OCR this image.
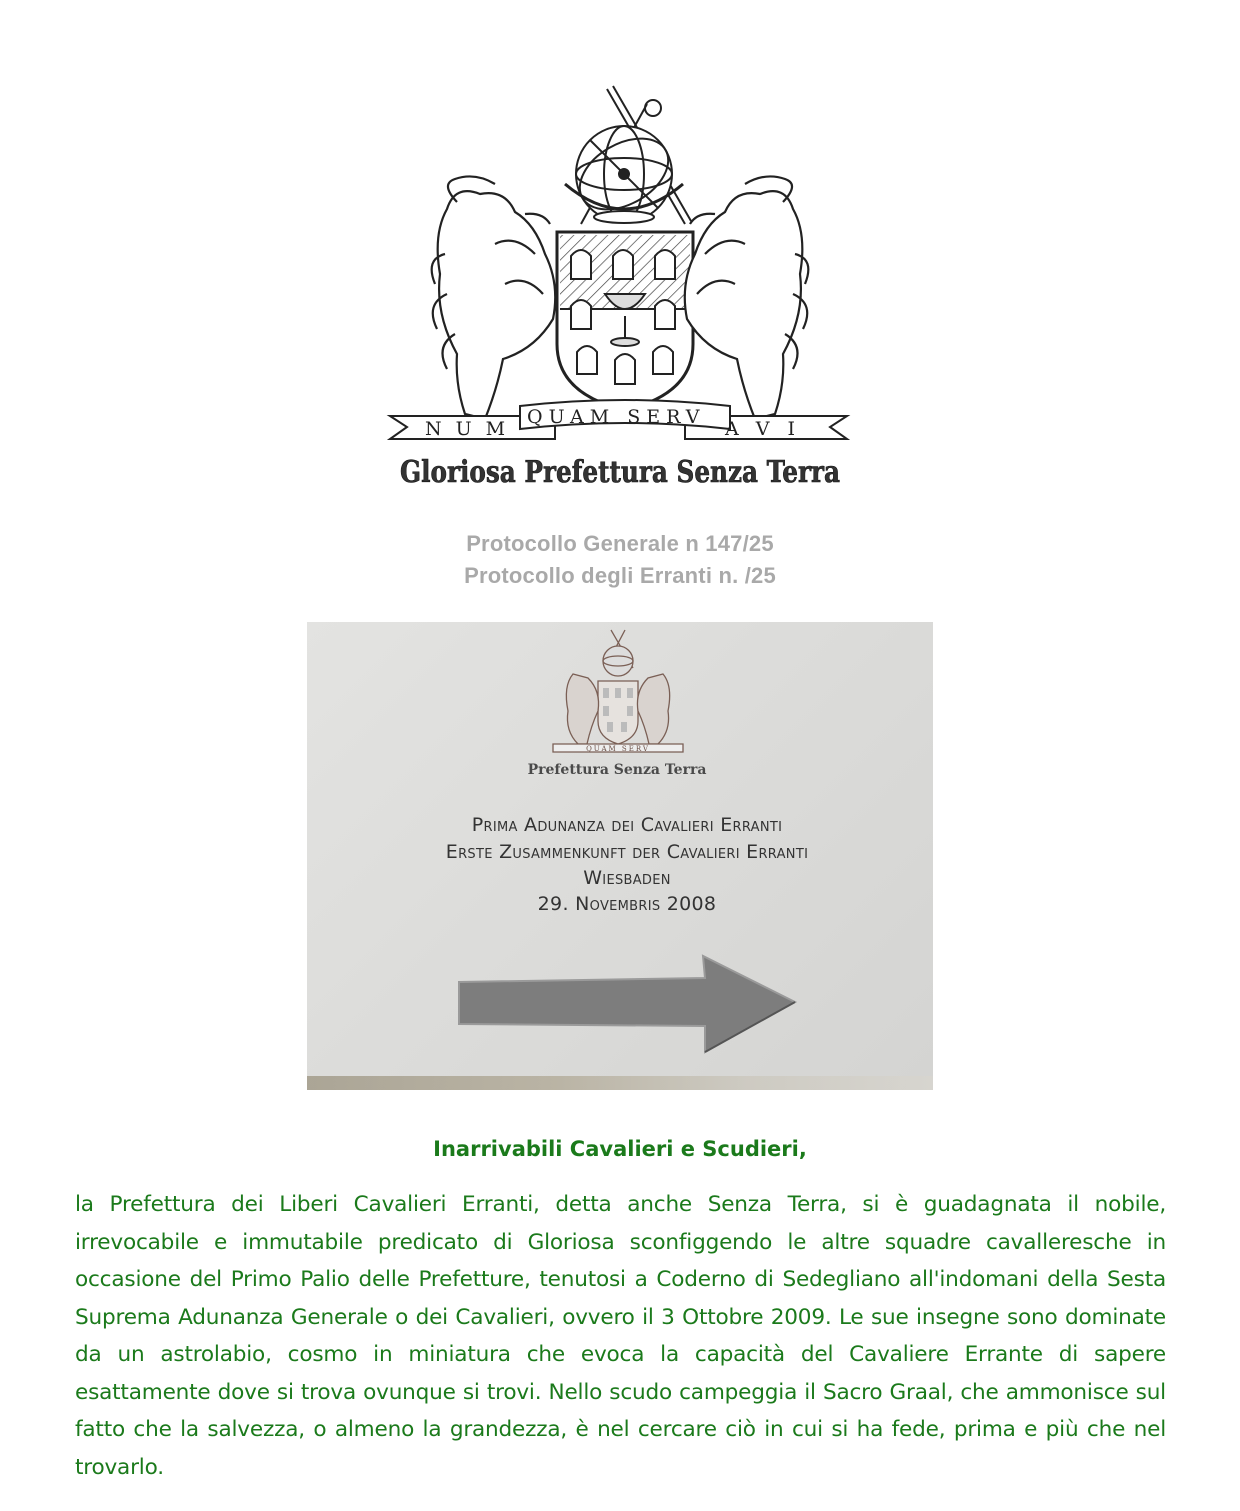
NUM
QUAM SERV
AVI
Gloriosa Prefettura Senza Terra
Protocollo Generale n 147/25
Protocollo degli Erranti n. /25
QUAM SERV
Prefettura Senza Terra
Prima Adunanza dei Cavalieri Erranti
Erste Zusammenkunft der Cavalieri Erranti
Wiesbaden
29. Novembris 2008
Inarrivabili Cavalieri e Scudieri,
la Prefettura dei Liberi Cavalieri Erranti, detta anche Senza Terra, si è guadagnata il nobile, irrevocabile e immutabile predicato di Gloriosa sconfiggendo le altre squadre cavalleresche in occasione del Primo Palio delle Prefetture, tenutosi a Coderno di Sedegliano all'indomani della Sesta Suprema Adunanza Generale o dei Cavalieri, ovvero il 3 Ottobre 2009. Le sue insegne sono dominate da un astrolabio, cosmo in miniatura che evoca la capacità del Cavaliere Errante di sapere esattamente dove si trova ovunque si trovi. Nello scudo campeggia il Sacro Graal, che ammonisce sul fatto che la salvezza, o almeno la grandezza, è nel cercare ciò in cui si ha fede, prima e più che nel trovarlo.
